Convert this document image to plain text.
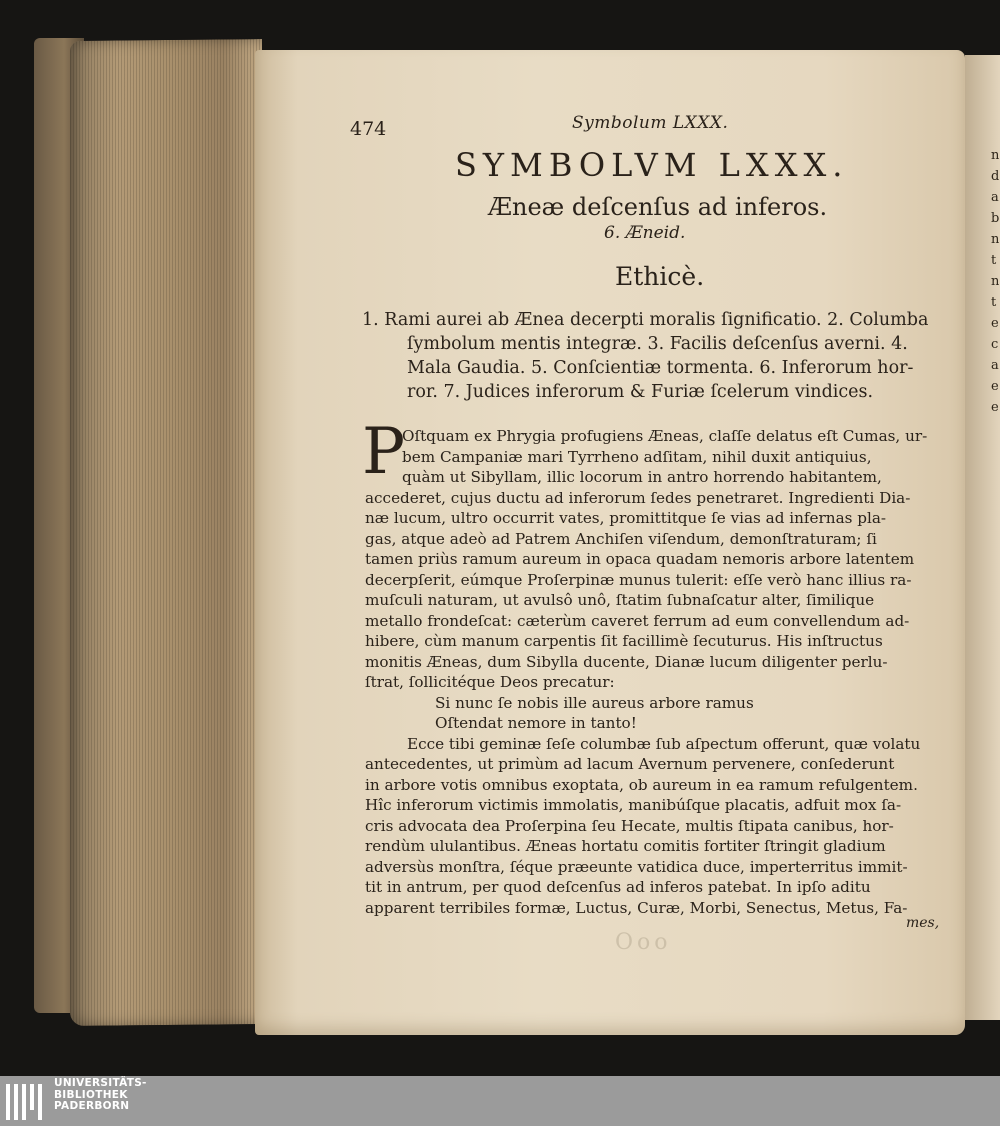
n
d
a
b
n
t
n
t
e
c
a
e
e
474	Symbolum LXXX.
SYMBOLVM LXXX.
Æneæ deſcenſus ad inferos.
6. Æneid.
Ethicè.
1. Rami aurei ab Ænea decerpti moralis ſignificatio. 2. Columba
ſymbolum mentis integræ. 3. Facilis deſcenſus averni. 4.
Mala Gaudia. 5. Conſcientiæ tormenta. 6. Inferorum hor-
ror. 7. Judices inferorum & Furiæ ſcelerum vindices.
P
Oſtquam ex Phrygia profugiens Æneas, claſſe delatus eſt Cumas, ur-
bem Campaniæ mari Tyrrheno adſitam, nihil duxit antiquius,
quàm ut Sibyllam, illic locorum in antro horrendo habitantem,
accederet, cujus ductu ad inferorum ſedes penetraret. Ingredienti Dia-
næ lucum, ultro occurrit vates, promittitque ſe vias ad infernas pla-
gas, atque adeò ad Patrem Anchiſen viſendum, demonſtraturam; ſi
tamen priùs ramum aureum in opaca quadam nemoris arbore latentem
decerpſerit, eúmque Proſerpinæ munus tulerit: eſſe verò hanc illius ra-
muſculi naturam, ut avulsô unô, ſtatim ſubnaſcatur alter, ſimilique
metallo frondeſcat: cæterùm caveret ferrum ad eum convellendum ad-
hibere, cùm manum carpentis ſit facillimè ſecuturus. His inſtructus
monitis Æneas, dum Sibylla ducente, Dianæ lucum diligenter perlu-
ſtrat, ſollicitéque Deos precatur:
Si nunc ſe nobis ille aureus arbore ramus
Oſtendat nemore in tanto!
Ecce tibi geminæ ſeſe columbæ ſub aſpectum offerunt, quæ volatu
antecedentes, ut primùm ad lacum Avernum pervenere, conſederunt
in arbore votis omnibus exoptata, ob aureum in ea ramum refulgentem.
Hîc inferorum victimis immolatis, manibúſque placatis, adfuit mox ſa-
cris advocata dea Proſerpina ſeu Hecate, multis ſtipata canibus, hor-
rendùm ululantibus. Æneas hortatu comitis fortiter ſtringit gladium
adversùs monſtra, ſéque præeunte vatidica duce, imperterritus immit-
tit in antrum, per quod deſcenſus ad inferos patebat. In ipſo aditu
apparent terribiles formæ, Luctus, Curæ, Morbi, Senectus, Metus, Fa-
mes,
Ooo
UNIVERSITÄTS-
BIBLIOTHEK
PADERBORN
